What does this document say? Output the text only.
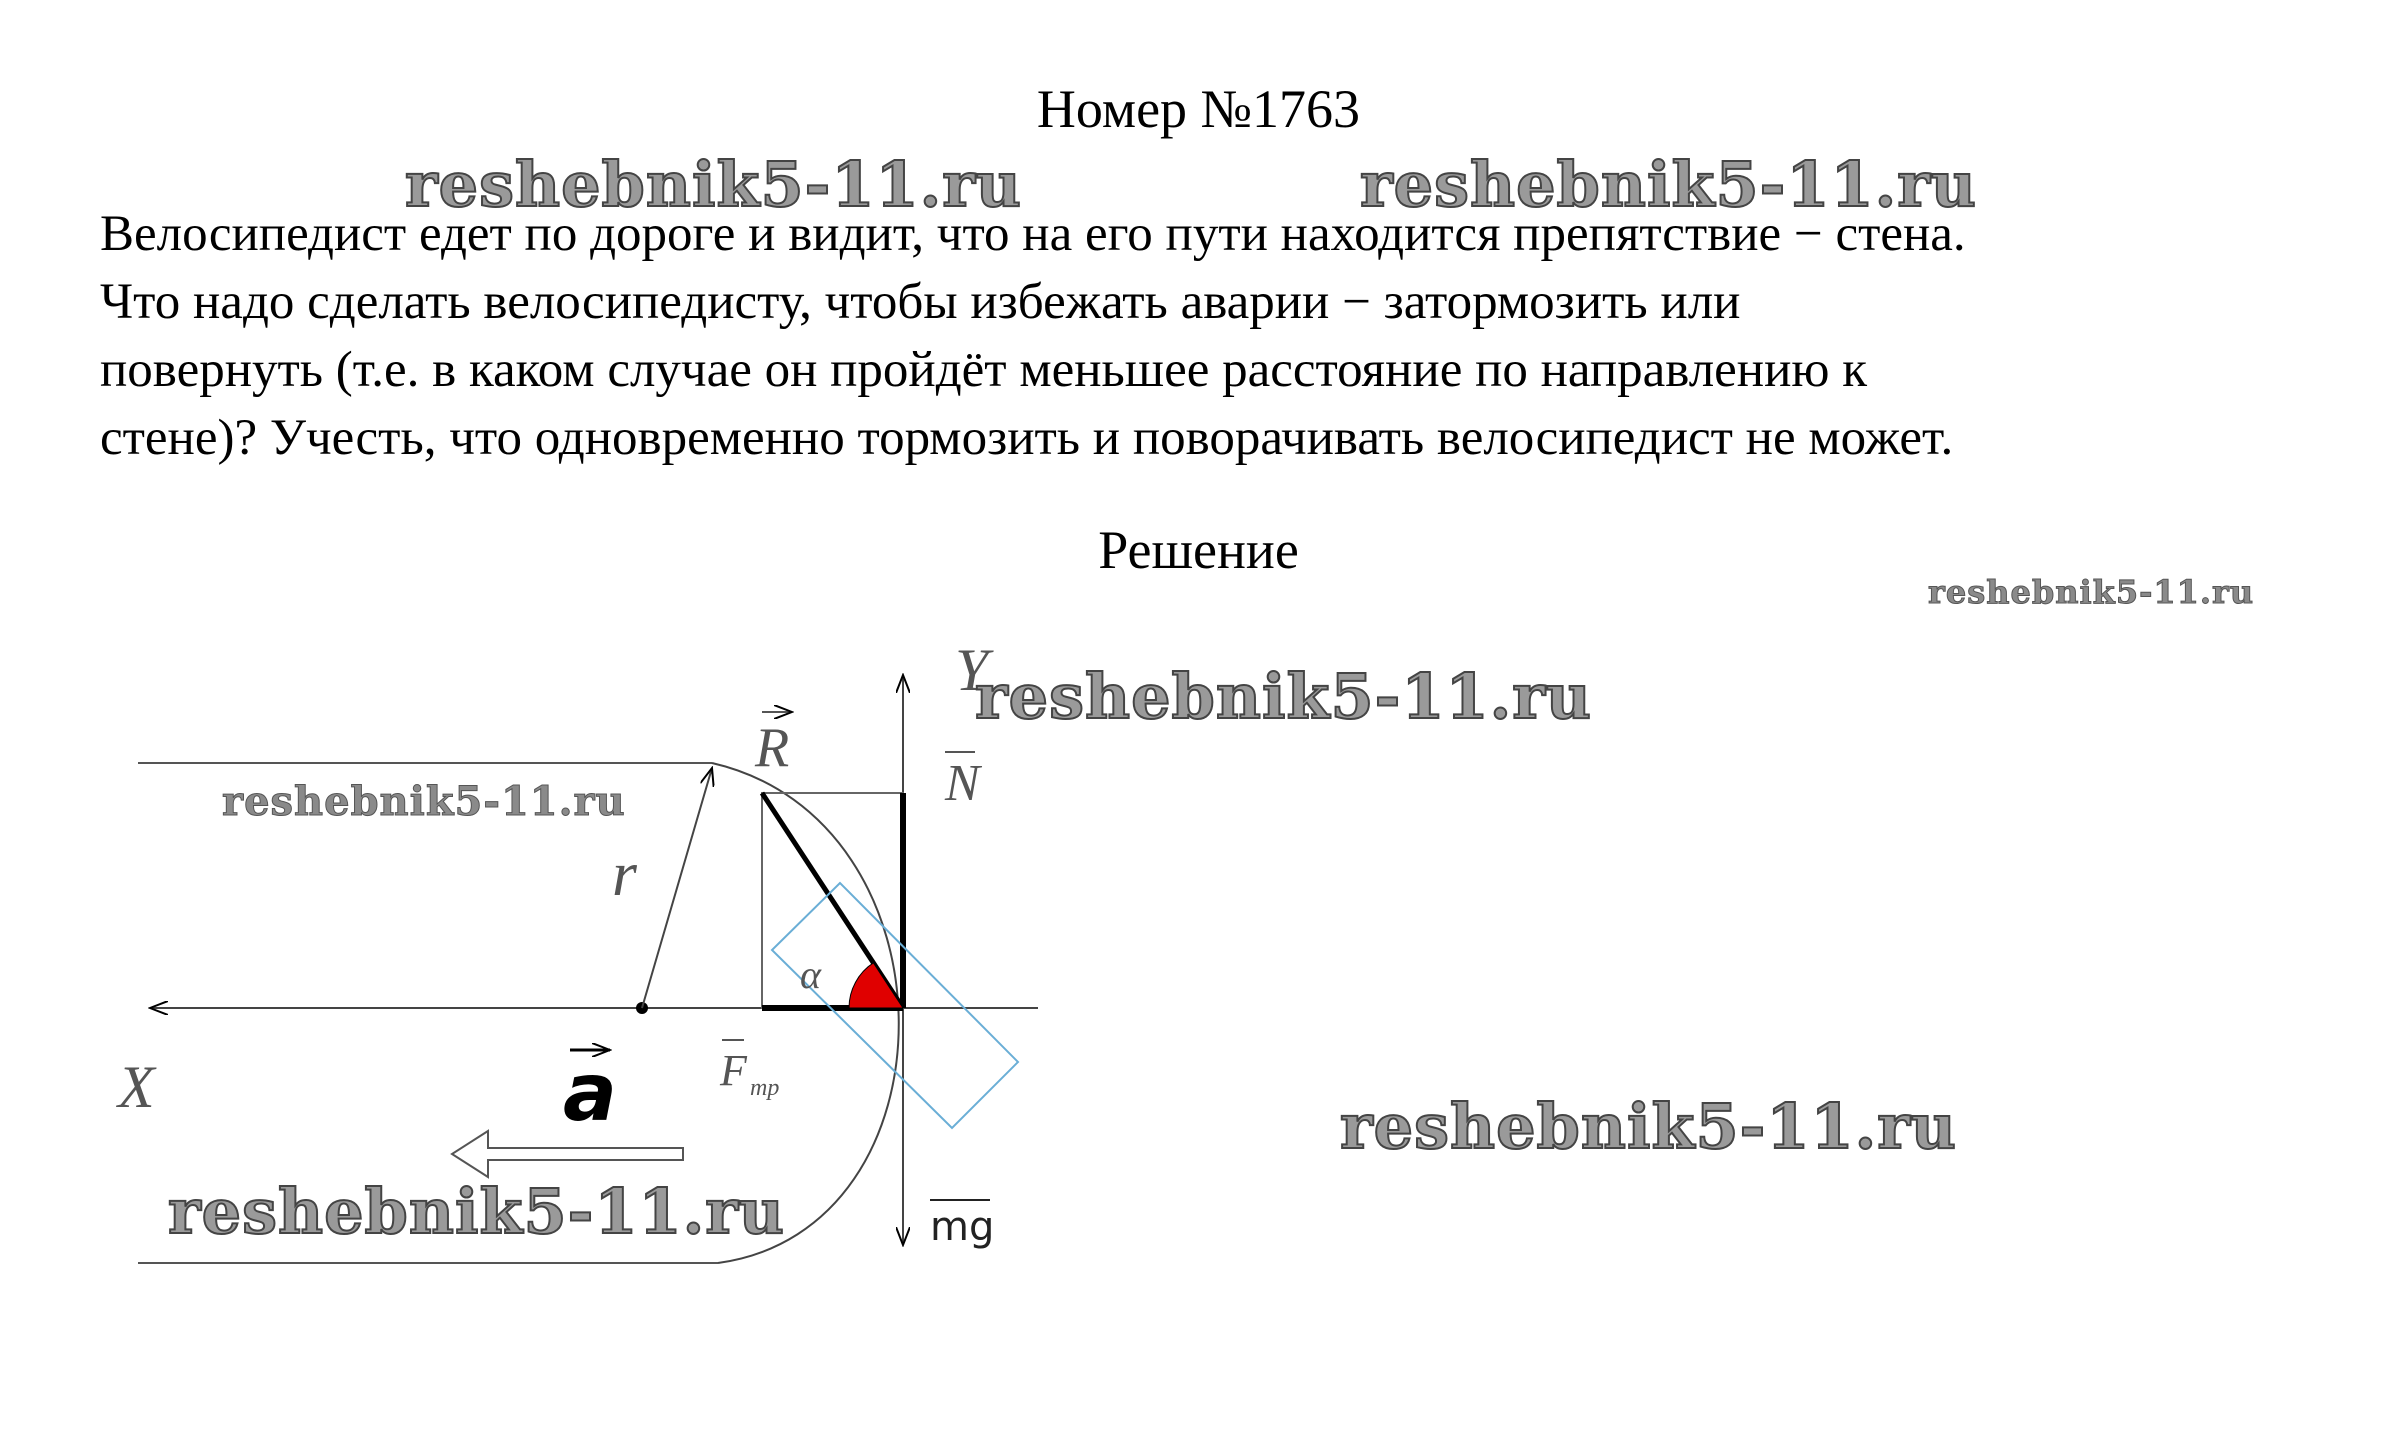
Номер №1763

Велосипедист едет по дороге и видит, что на его пути находится препятствие − стена.
Что надо сделать велосипедисту, чтобы избежать аварии − затормозить или
повернуть (т.е. в каком случае он пройдёт меньшее расстояние по направлению к
стене)? Учесть, что одновременно тормозить и поворачивать велосипедист не может.

Решение
Y
X
R
N
r
α
a F тр
mg
reshebnik5-11.ru	reshebnik5-11.ru
reshebnik5-11.ru
reshebnik5-11.ru
reshebnik5-11.ru
reshebnik5-11.ru
reshebnik5-11.ru
